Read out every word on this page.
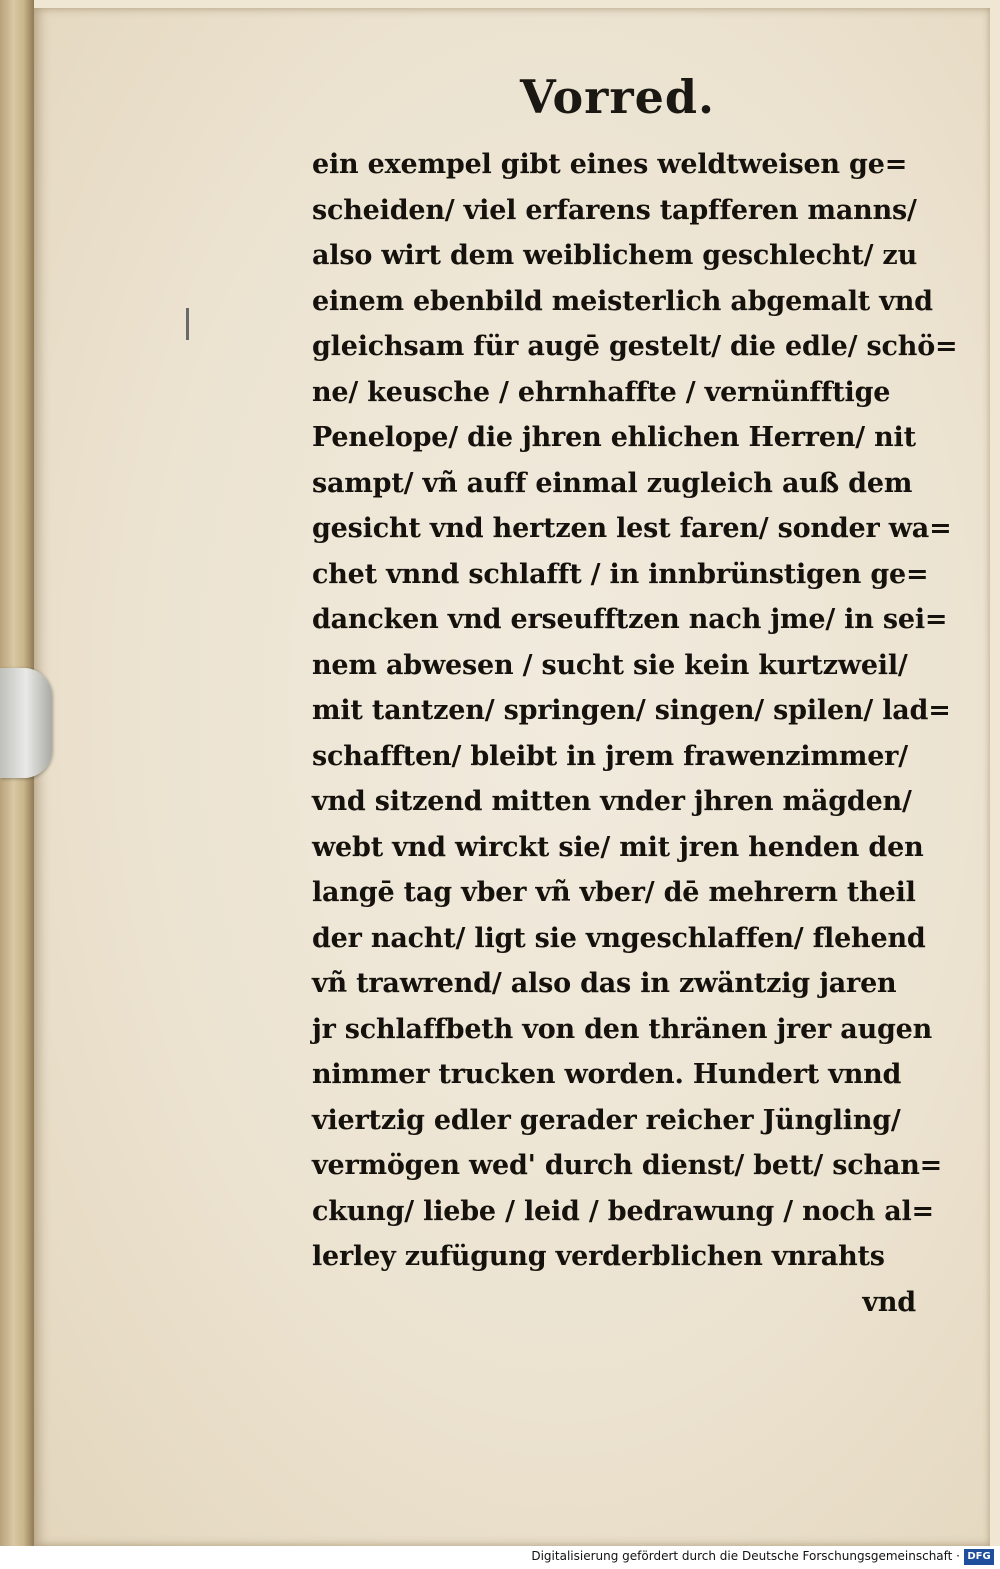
Vorred.
ein exempel gibt eines weldtweisen ge=
scheiden/ viel erfarens tapfferen manns/
also wirt dem weiblichem geschlecht/ zu
einem ebenbild meisterlich abgemalt vnd
gleichsam für augē gestelt/ die edle/ schö=
ne/ keusche / ehrnhaffte / vernünfftige
Penelope/ die jhren ehlichen Herren/ nit
sampt/ vñ auff einmal zugleich auß dem
gesicht vnd hertzen lest faren/ sonder wa=
chet vnnd schlafft / in innbrünstigen ge=
dancken vnd erseufftzen nach jme/ in sei=
nem abwesen / sucht sie kein kurtzweil/
mit tantzen/ springen/ singen/ spilen/ lad=
schafften/ bleibt in jrem frawenzimmer/
vnd sitzend mitten vnder jhren mägden/
webt vnd wirckt sie/ mit jren henden den
langē tag vber vñ vber/ dē mehrern theil
der nacht/ ligt sie vngeschlaffen/ flehend
vñ trawrend/ also das in zwäntzig jaren
jr schlaffbeth von den thränen jrer augen
nimmer trucken worden. Hundert vnnd
viertzig edler gerader reicher Jüngling/
vermögen wed' durch dienst/ bett/ schan=
ckung/ liebe / leid / bedrawung / noch al=
lerley zufügung verderblichen vnrahts
vnd
Digitalisierung gefördert durch die Deutsche Forschungsgemeinschaft · DFG
